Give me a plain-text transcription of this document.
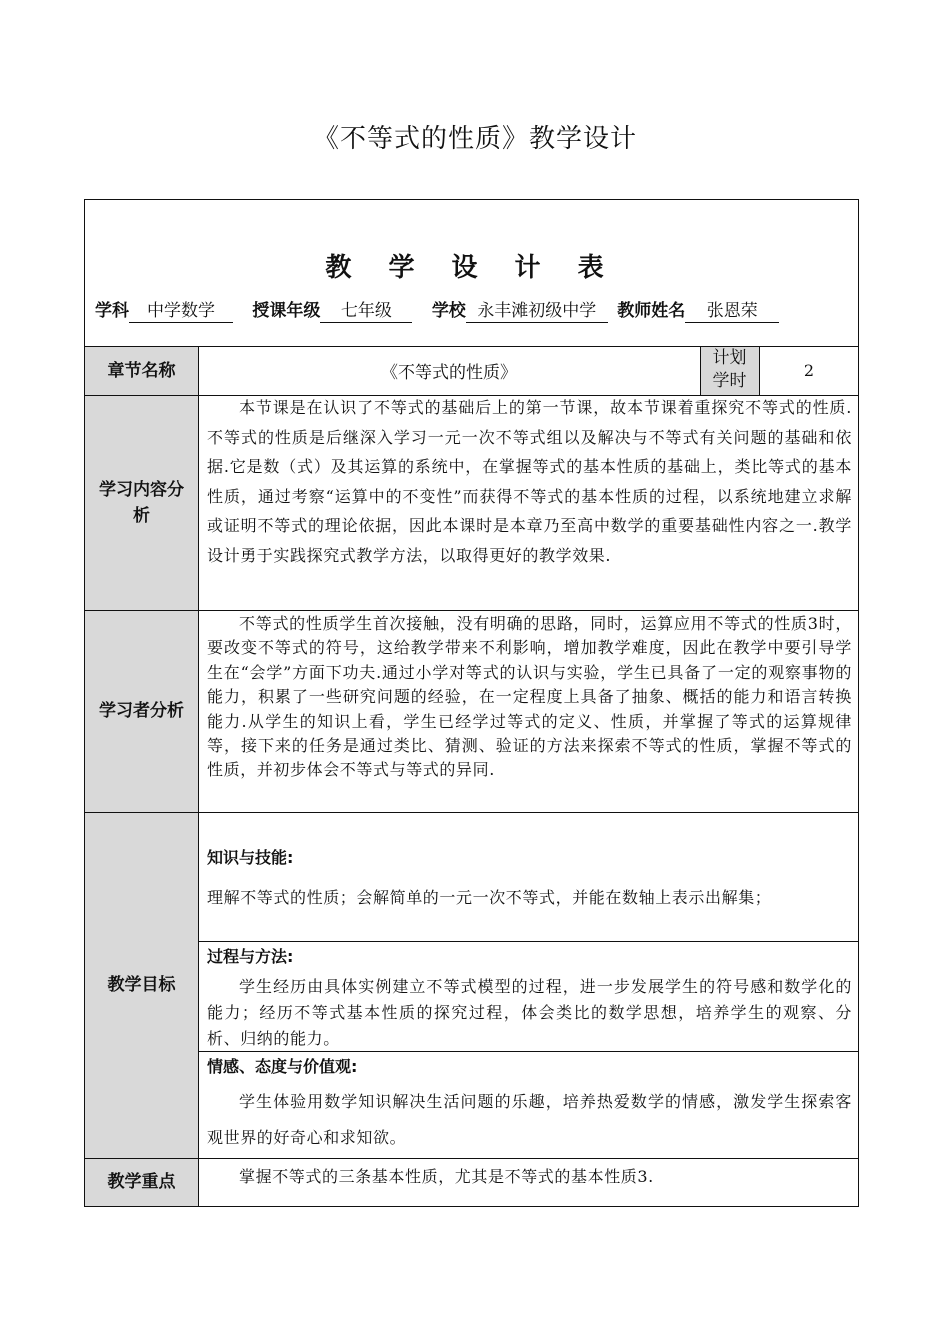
《不等式的性质》教学设计
教 学 设 计 表
学科 中学数学 授课年级 七年级 学校 永丰滩初级中学 教师姓名 张恩荣
章节名称	《不等式的性质》
计划
学时
2
学习内容分析
本节课是在认识了不等式的基础后上的第一节课，故本节课着重探究不等式的性质.不等式的性质是后继深入学习一元一次不等式组以及解决与不等式有关问题的基础和依据.它是数（式）及其运算的系统中，在掌握等式的基本性质的基础上，类比等式的基本性质，通过考察“运算中的不变性”而获得不等式的基本性质的过程，以系统地建立求解或证明不等式的理论依据，因此本课时是本章乃至高中数学的重要基础性内容之一.教学设计勇于实践探究式教学方法，以取得更好的教学效果.
学习者分析
不等式的性质学生首次接触，没有明确的思路，同时，运算应用不等式的性质3时，要改变不等式的符号，这给教学带来不利影响，增加教学难度，因此在教学中要引导学生在“会学”方面下功夫.通过小学对等式的认识与实验，学生已具备了一定的观察事物的能力，积累了一些研究问题的经验，在一定程度上具备了抽象、概括的能力和语言转换能力.从学生的知识上看，学生已经学过等式的定义、性质，并掌握了等式的运算规律等，接下来的任务是通过类比、猜测、验证的方法来探索不等式的性质，掌握不等式的性质，并初步体会不等式与等式的异同.
教学目标
知识与技能:
理解不等式的性质；会解简单的一元一次不等式，并能在数轴上表示出解集；
过程与方法:
学生经历由具体实例建立不等式模型的过程，进一步发展学生的符号感和数学化的能力；经历不等式基本性质的探究过程，体会类比的数学思想，培养学生的观察、分析、归纳的能力。
情感、态度与价值观:
学生体验用数学知识解决生活问题的乐趣，培养热爱数学的情感，激发学生探索客观世界的好奇心和求知欲。
教学重点	掌握不等式的三条基本性质，尤其是不等式的基本性质3.
